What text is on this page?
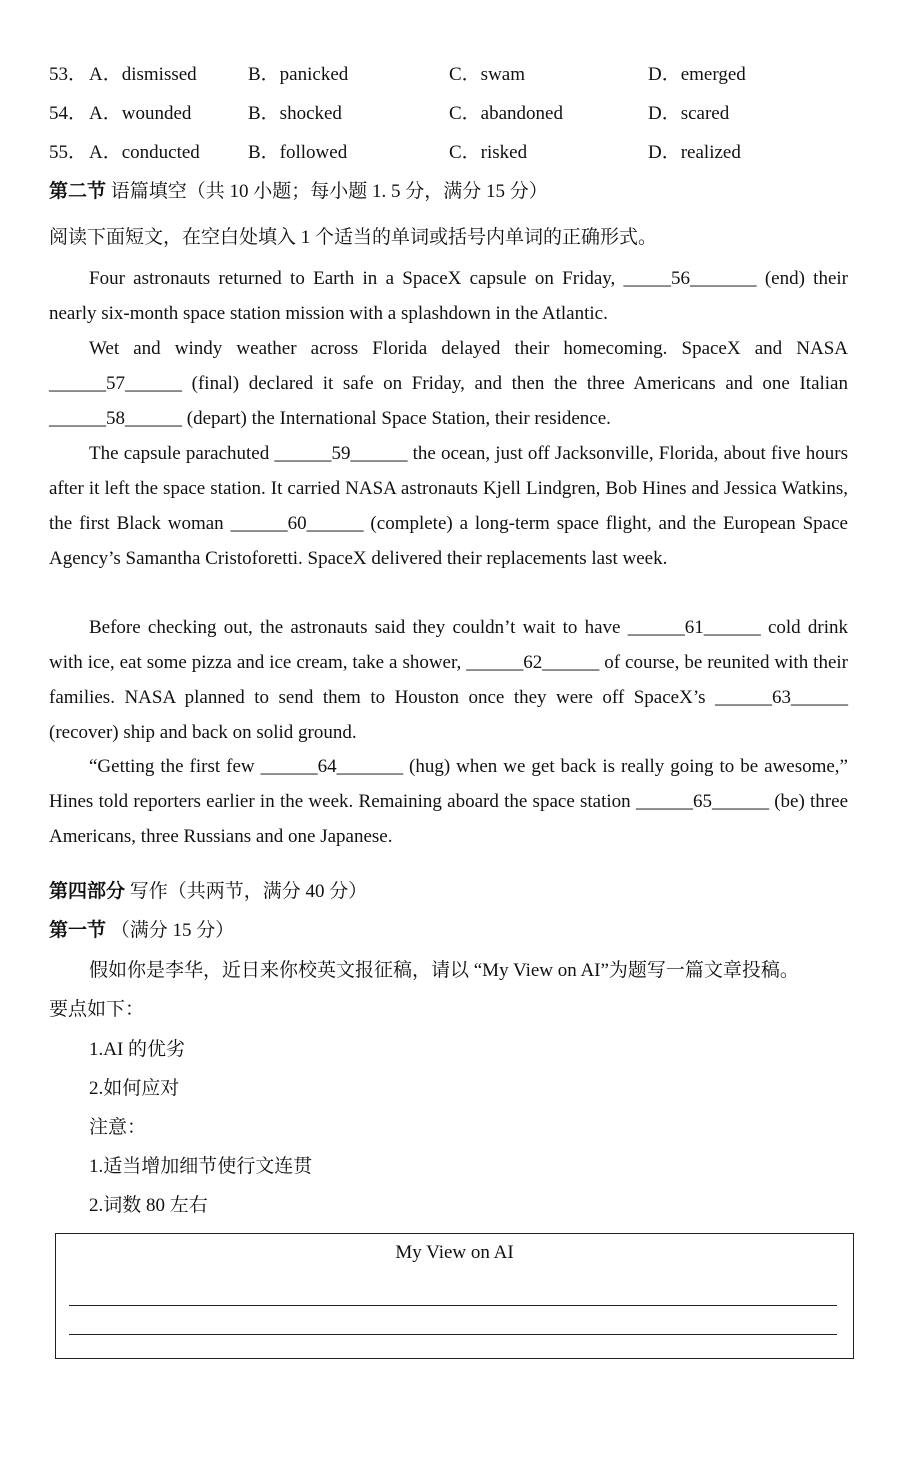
53． A．dismissed	B．panicked	C．swam	D．emerged
54． A．wounded	B．shocked	C．abandoned	D．scared
55． A．conducted	B．followed	C．risked	D．realized
第二节 语篇填空（共 10 小题；每小题 1. 5 分，满分 15 分）
阅读下面短文，在空白处填入 1 个适当的单词或括号内单词的正确形式。

Four astronauts returned to Earth in a SpaceX capsule on Friday, _____56_______ (end) their nearly six-month space station mission with a splashdown in the Atlantic.

Wet and windy weather across Florida delayed their homecoming. SpaceX and NASA ______57______ (final) declared it safe on Friday, and then the three Americans and one Italian ______58______ (depart) the International Space Station, their residence.

The capsule parachuted ______59______ the ocean, just off Jacksonville, Florida, about five hours after it left the space station. It carried NASA astronauts Kjell Lindgren, Bob Hines and Jessica Watkins, the first Black woman ______60______ (complete) a long-term space flight, and the European Space Agency’s Samantha Cristoforetti. SpaceX delivered their replacements last week.

Before checking out, the astronauts said they couldn’t wait to have ______61______ cold drink with ice, eat some pizza and ice cream, take a shower, ______62______ of course, be reunited with their families. NASA planned to send them to Houston once they were off SpaceX’s ______63______ (recover) ship and back on solid ground.

“Getting the first few ______64_______ (hug) when we get back is really going to be awesome,” Hines told reporters earlier in the week. Remaining aboard the space station ______65______ (be) three Americans, three Russians and one Japanese.

第四部分 写作（共两节，满分 40 分）
第一节 （满分 15 分）
假如你是李华，近日来你校英文报征稿，请以 “My View on AI”为题写一篇文章投稿。
要点如下：
1.AI 的优劣
2.如何应对
注意：
1.适当增加细节使行文连贯
2.词数 80 左右
My View on AI
